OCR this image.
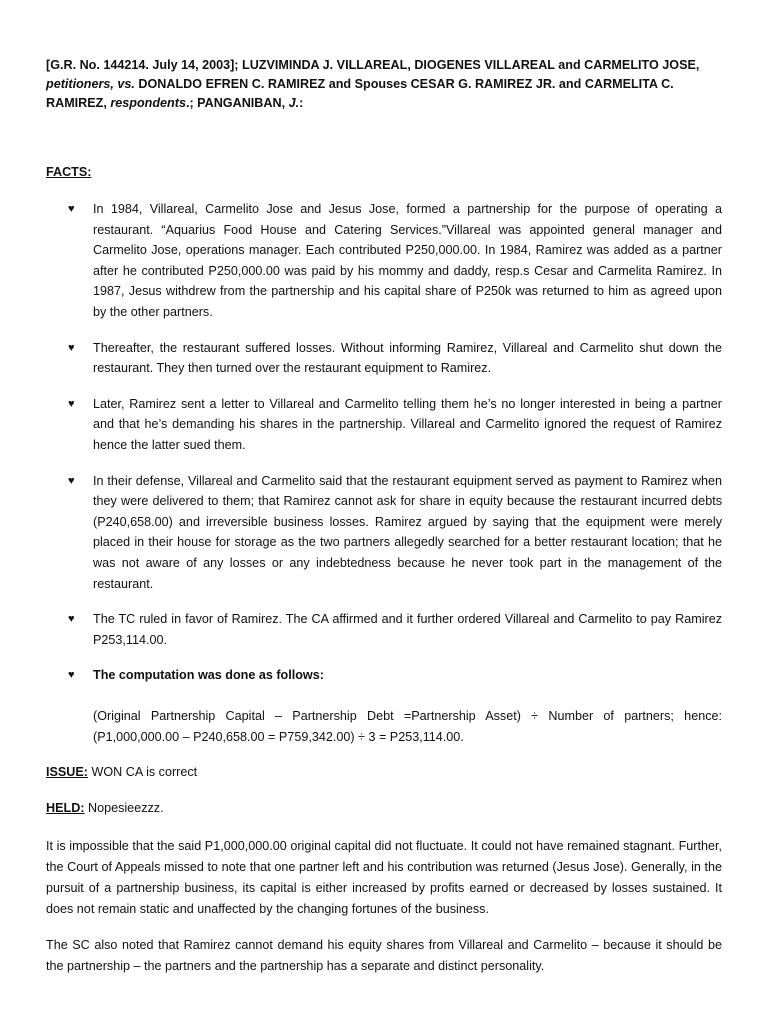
[G.R. No. 144214. July 14, 2003]; LUZVIMINDA J. VILLAREAL, DIOGENES VILLAREAL and CARMELITO JOSE, petitioners, vs. DONALDO EFREN C. RAMIREZ and Spouses CESAR G. RAMIREZ JR. and CARMELITA C. RAMIREZ, respondents.; PANGANIBAN, J.:
FACTS:
♥ In 1984, Villareal, Carmelito Jose and Jesus Jose, formed a partnership for the purpose of operating a restaurant. “Aquarius Food House and Catering Services.”Villareal was appointed general manager and Carmelito Jose, operations manager. Each contributed P250,000.00. In 1984, Ramirez was added as a partner after he contributed P250,000.00 was paid by his mommy and daddy, resp.s Cesar and Carmelita Ramirez. In 1987, Jesus withdrew from the partnership and his capital share of P250k was returned to him as agreed upon by the other partners.
♥ Thereafter, the restaurant suffered losses. Without informing Ramirez, Villareal and Carmelito shut down the restaurant. They then turned over the restaurant equipment to Ramirez.
♥ Later, Ramirez sent a letter to Villareal and Carmelito telling them he’s no longer interested in being a partner and that he’s demanding his shares in the partnership. Villareal and Carmelito ignored the request of Ramirez hence the latter sued them.
♥ In their defense, Villareal and Carmelito said that the restaurant equipment served as payment to Ramirez when they were delivered to them; that Ramirez cannot ask for share in equity because the restaurant incurred debts (P240,658.00) and irreversible business losses. Ramirez argued by saying that the equipment were merely placed in their house for storage as the two partners allegedly searched for a better restaurant location; that he was not aware of any losses or any indebtedness because he never took part in the management of the restaurant.
♥ The TC ruled in favor of Ramirez. The CA affirmed and it further ordered Villareal and Carmelito to pay Ramirez P253,114.00.
♥ The computation was done as follows:
(Original Partnership Capital – Partnership Debt =Partnership Asset) ÷ Number of partners; hence: (P1,000,000.00 – P240,658.00 = P759,342.00) ÷ 3 = P253,114.00.
ISSUE: WON CA is correct
HELD: Nopesieezzz.
It is impossible that the said P1,000,000.00 original capital did not fluctuate. It could not have remained stagnant. Further, the Court of Appeals missed to note that one partner left and his contribution was returned (Jesus Jose). Generally, in the pursuit of a partnership business, its capital is either increased by profits earned or decreased by losses sustained. It does not remain static and unaffected by the changing fortunes of the business.
The SC also noted that Ramirez cannot demand his equity shares from Villareal and Carmelito – because it should be the partnership – the partners and the partnership has a separate and distinct personality.
